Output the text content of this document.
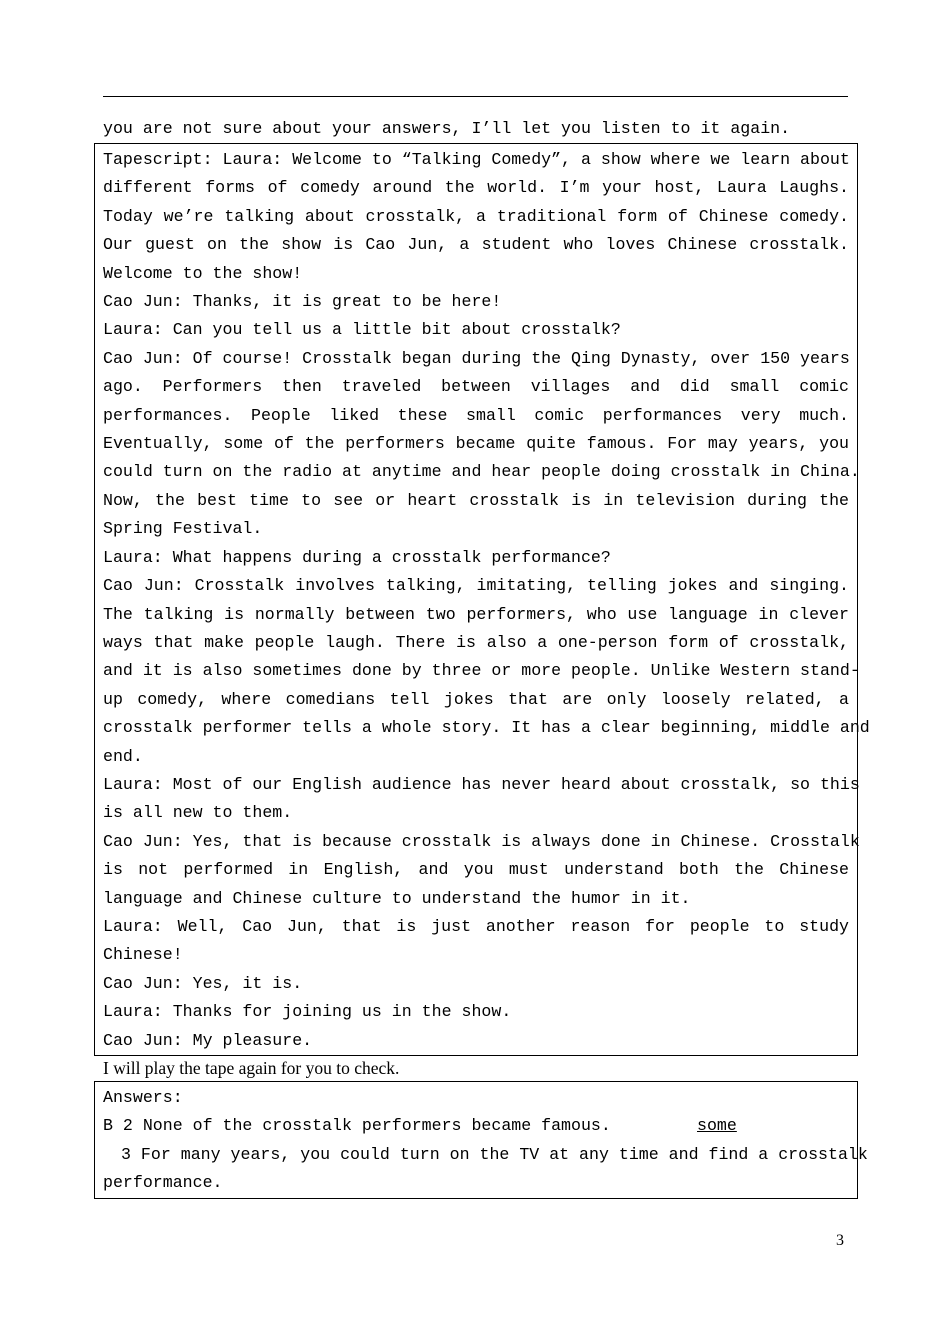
you are not sure about your answers, I’ll let you listen to it again.
Tapescript: Laura: Welcome to “Talking Comedy”, a show where we learn about
different forms of comedy around the world. I’m your host, Laura Laughs.
Today we’re talking about crosstalk, a traditional form of Chinese comedy.
Our guest on the show is Cao Jun, a student who loves Chinese crosstalk.
Welcome to the show!
Cao Jun: Thanks, it is great to be here!
Laura: Can you tell us a little bit about crosstalk?
Cao Jun: Of course! Crosstalk began during the Qing Dynasty, over 150 years
ago. Performers then traveled between villages and did small comic
performances. People liked these small comic performances very much.
Eventually, some of the performers became quite famous. For may years, you
could turn on the radio at anytime and hear people doing crosstalk in China.
Now, the best time to see or heart crosstalk is in television during the
Spring Festival.
Laura: What happens during a crosstalk performance?
Cao Jun: Crosstalk involves talking, imitating, telling jokes and singing.
The talking is normally between two performers, who use language in clever
ways that make people laugh. There is also a one-person form of crosstalk,
and it is also sometimes done by three or more people. Unlike Western stand-
up comedy, where comedians tell jokes that are only loosely related, a
crosstalk performer tells a whole story. It has a clear beginning, middle and
end.
Laura: Most of our English audience has never heard about crosstalk, so this
is all new to them.
Cao Jun: Yes, that is because crosstalk is always done in Chinese. Crosstalk
is not performed in English, and you must understand both the Chinese
language and Chinese culture to understand the humor in it.
Laura: Well, Cao Jun, that is just another reason for people to study
Chinese!
Cao Jun: Yes, it is.
Laura: Thanks for joining us in the show.
Cao Jun: My pleasure.
I will play the tape again for you to check.
Answers:
B 2 None of the crosstalk performers became famous.	some
3 For many years, you could turn on the TV at any time and find a crosstalk
performance.
3
